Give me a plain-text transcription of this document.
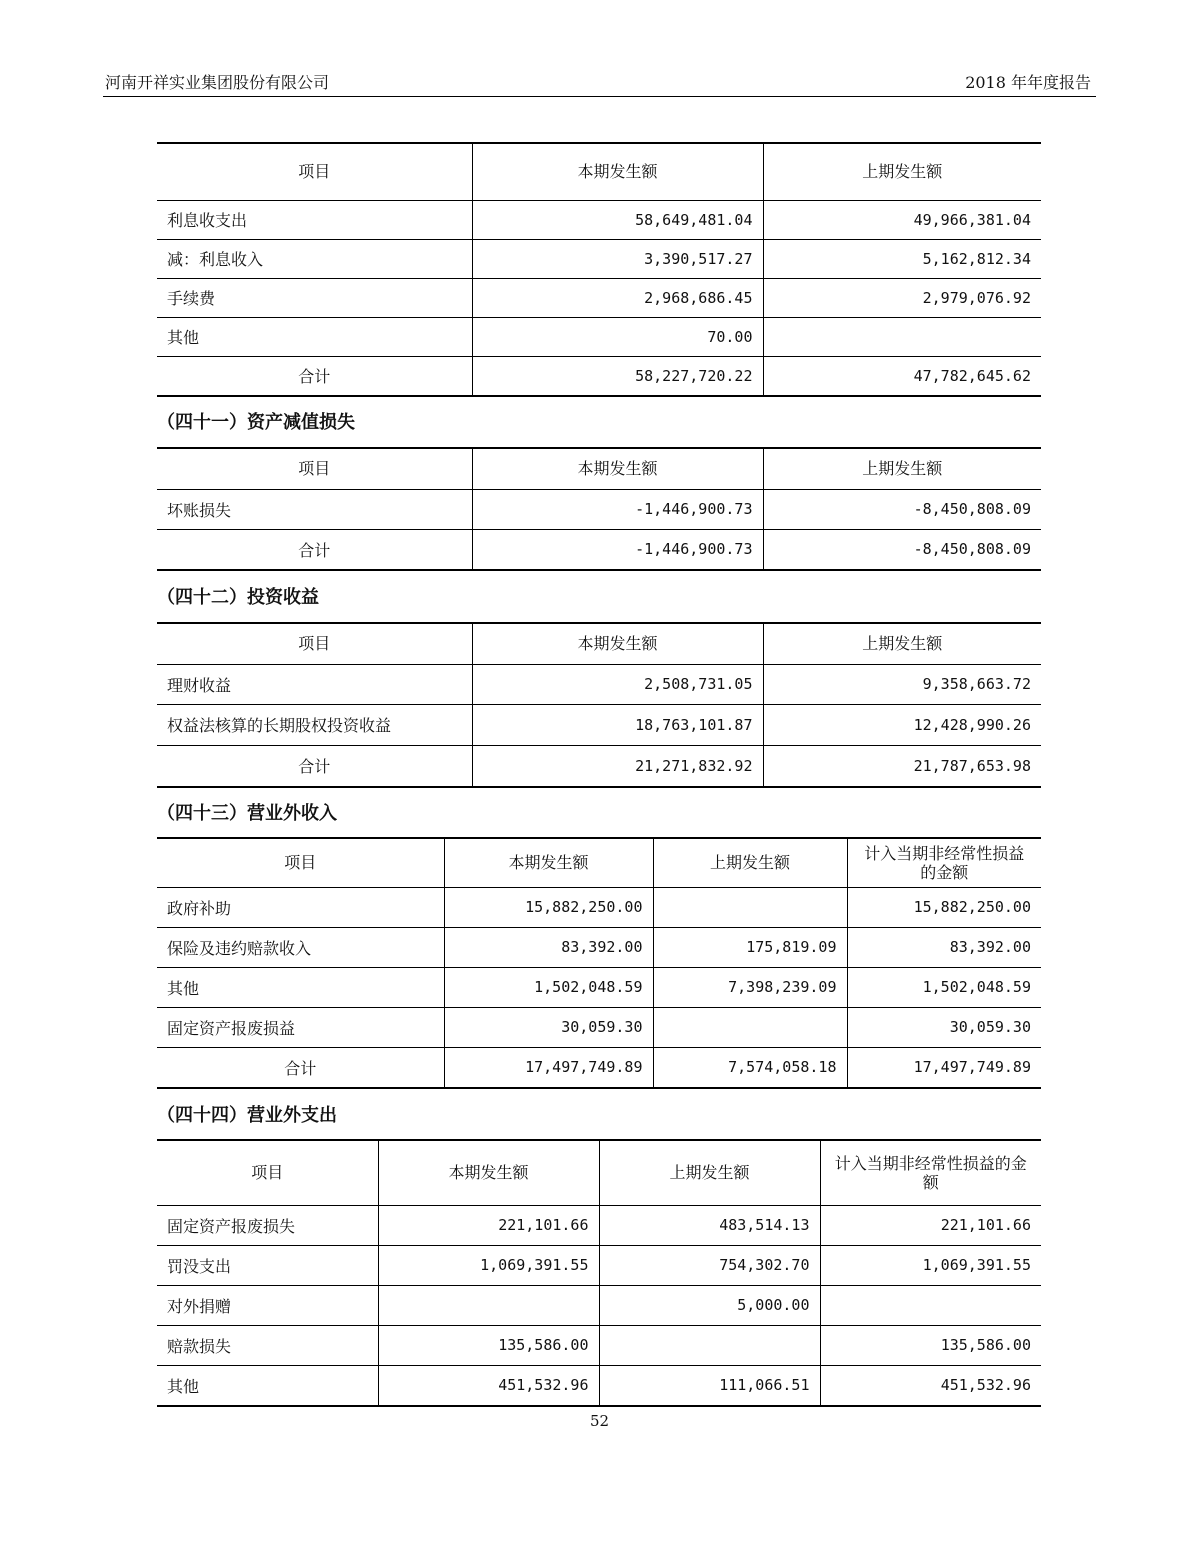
河南开祥实业集团股份有限公司	2018 年年度报告
项目	本期发生额	上期发生额
利息收支出	58,649,481.04	49,966,381.04
减：利息收入	3,390,517.27	5,162,812.34
手续费	2,968,686.45	2,979,076.92
其他	70.00	
合计	58,227,720.22	47,782,645.62
（四十一）资产减值损失
项目	本期发生额	上期发生额
坏账损失	-1,446,900.73	-8,450,808.09
合计	-1,446,900.73	-8,450,808.09
（四十二）投资收益
项目	本期发生额	上期发生额
理财收益	2,508,731.05	9,358,663.72
权益法核算的长期股权投资收益	18,763,101.87	12,428,990.26
合计	21,271,832.92	21,787,653.98
（四十三）营业外收入
项目	本期发生额	上期发生额	计入当期非经常性损益的金额
政府补助	15,882,250.00		15,882,250.00
保险及违约赔款收入	83,392.00	175,819.09	83,392.00
其他	1,502,048.59	7,398,239.09	1,502,048.59
固定资产报废损益	30,059.30		30,059.30
合计	17,497,749.89	7,574,058.18	17,497,749.89
（四十四）营业外支出
项目	本期发生额	上期发生额	计入当期非经常性损益的金额
固定资产报废损失	221,101.66	483,514.13	221,101.66
罚没支出	1,069,391.55	754,302.70	1,069,391.55
对外捐赠		5,000.00	
赔款损失	135,586.00		135,586.00
其他	451,532.96	111,066.51	451,532.96
52
